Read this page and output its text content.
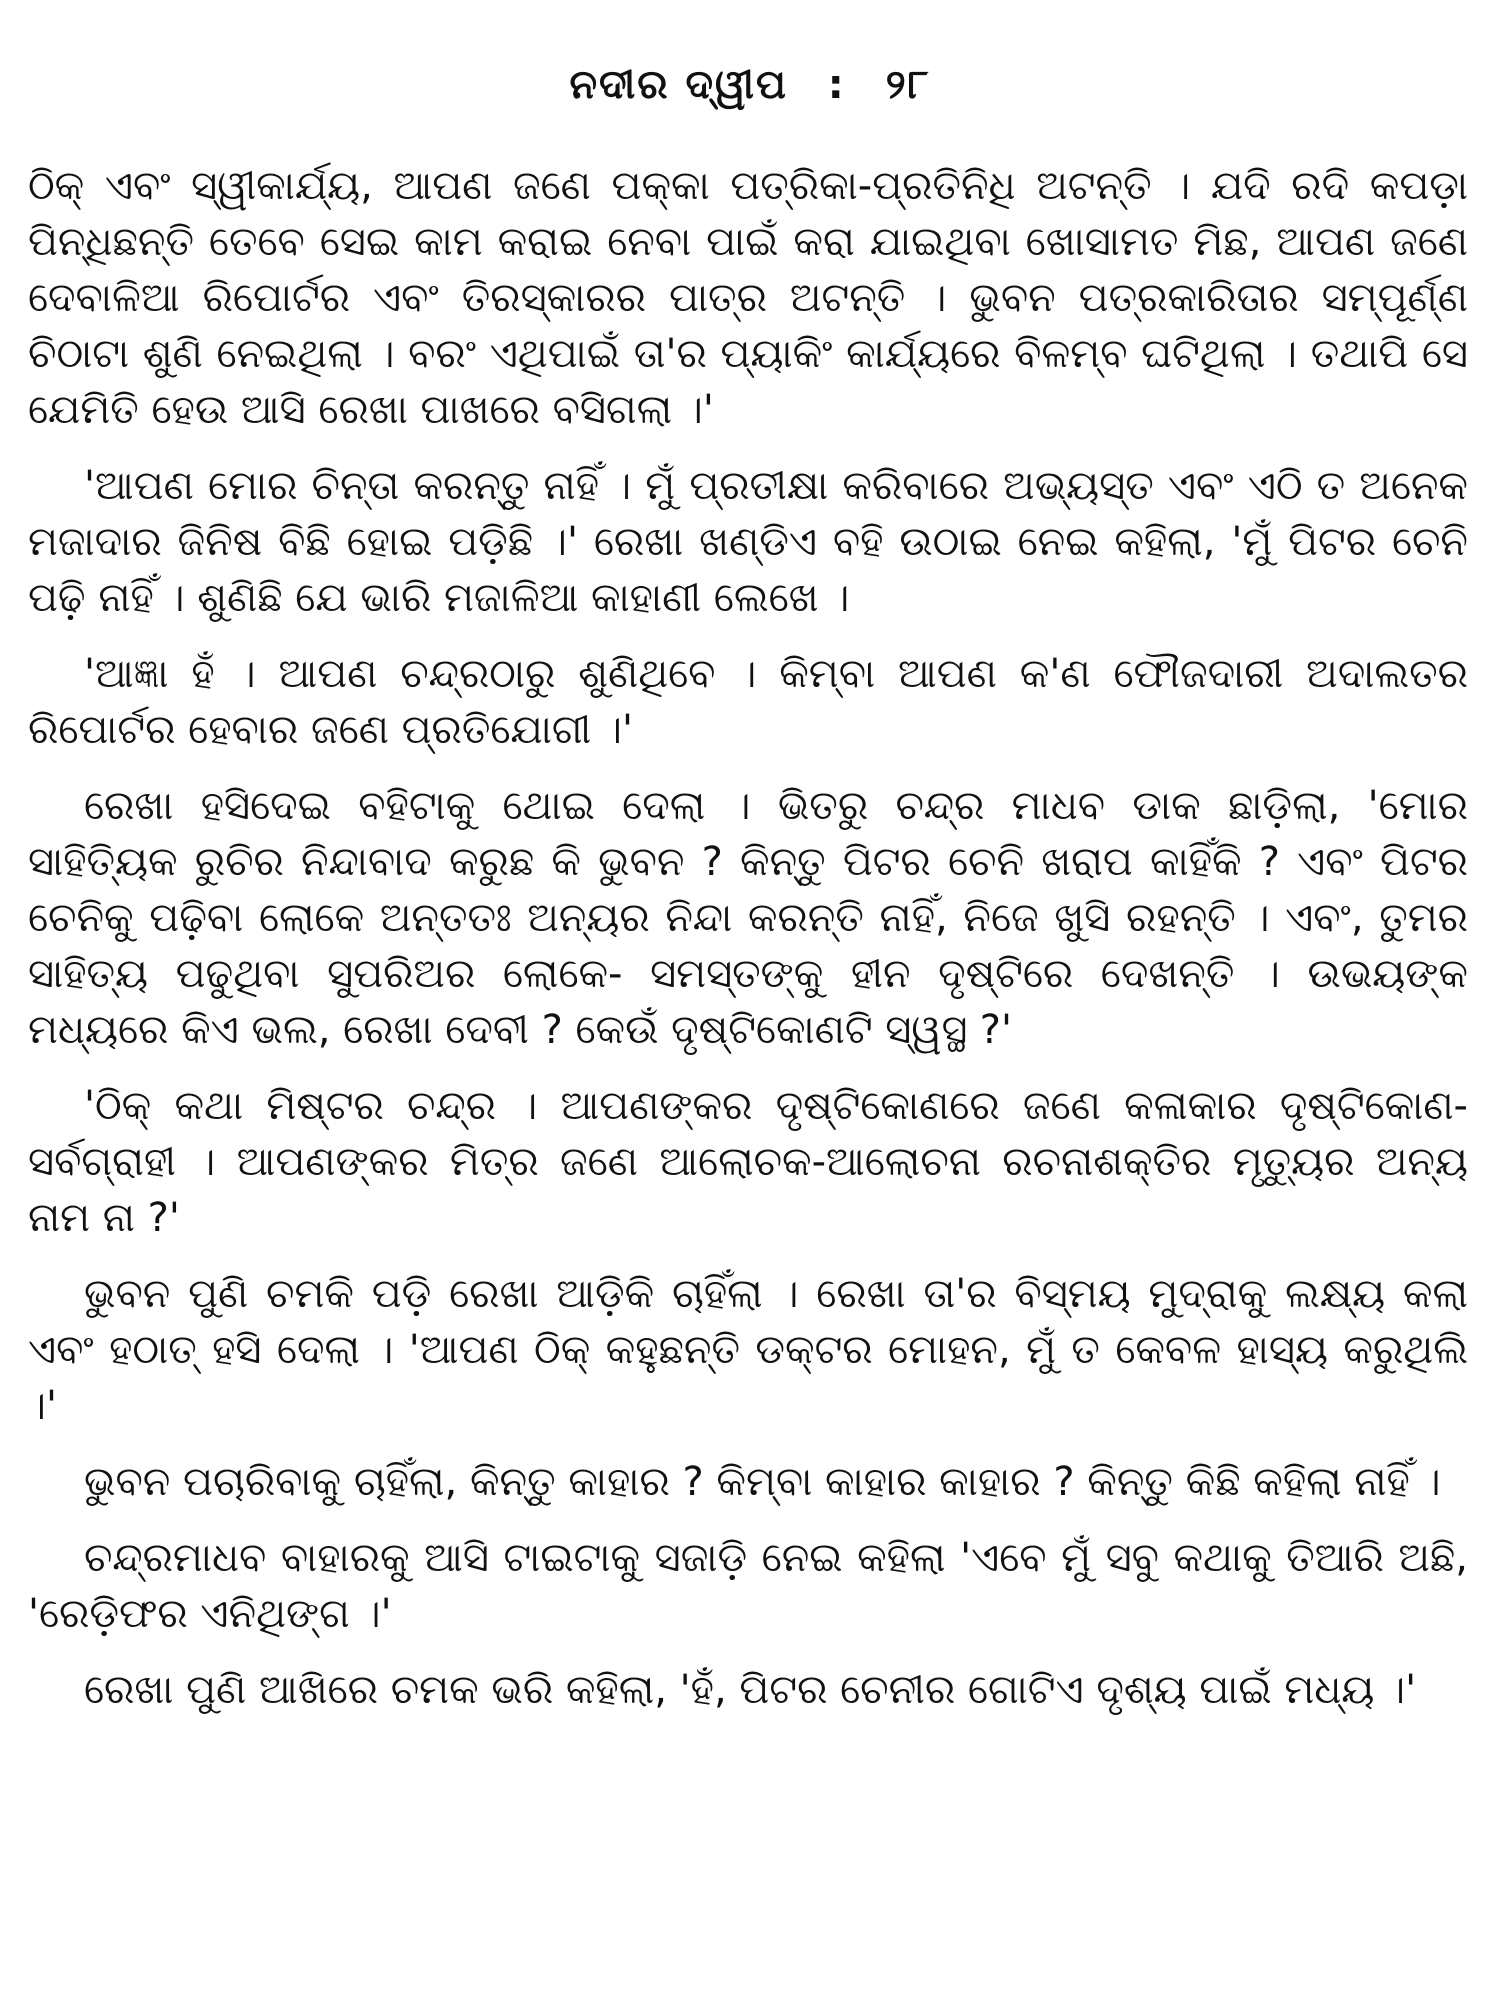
ନଦୀର ଦ୍ୱୀପ : ୨୮

ଠିକ୍ ଏବଂ ସ୍ୱୀକାର୍ଯ୍ୟ, ଆପଣ ଜଣେ ପକ୍କା ପତ୍ରିକା-ପ୍ରତିନିଧି ଅଟନ୍ତି । ଯଦି ରଦି କପଡ଼ା ପିନ୍ଧିଛନ୍ତି ତେବେ ସେଇ କାମ କରାଇ ନେବା ପାଇଁ କରା ଯାଇଥିବା ଖୋସାମତ ମିଛ, ଆପଣ ଜଣେ ଦେବାଳିଆ ରିପୋର୍ଟର ଏବଂ ତିରସ୍କାରର ପାତ୍ର ଅଟନ୍ତି । ଭୁବନ ପତ୍ରକାରିତାର ସମ୍ପୂର୍ଣ୍ଣ ଚିଠାଟା ଶୁଣି ନେଇଥିଲା । ବରଂ ଏଥିପାଇଁ ତା'ର ପ୍ୟାକିଂ କାର୍ଯ୍ୟରେ ବିଳମ୍ବ ଘଟିଥିଲା । ତଥାପି ସେ ଯେମିତି ହେଉ ଆସି ରେଖା ପାଖରେ ବସିଗଲା ।'

'ଆପଣ ମୋର ଚିନ୍ତା କରନ୍ତୁ ନାହିଁ । ମୁଁ ପ୍ରତୀକ୍ଷା କରିବାରେ ଅଭ୍ୟସ୍ତ ଏବଂ ଏଠି ତ ଅନେକ ମଜାଦାର ଜିନିଷ ବିଛି ହୋଇ ପଡ଼ିଛି ।' ରେଖା ଖଣ୍ଡିଏ ବହି ଉଠାଇ ନେଇ କହିଲା, 'ମୁଁ ପିଟର ଚେନି ପଢ଼ି ନାହିଁ । ଶୁଣିଛି ଯେ ଭାରି ମଜାଳିଆ କାହାଣୀ ଲେଖେ ।

'ଆଜ୍ଞା ହଁ । ଆପଣ ଚନ୍ଦ୍ରଠାରୁ ଶୁଣିଥିବେ । କିମ୍ବା ଆପଣ କ'ଣ ଫୌଜଦାରୀ ଅଦାଲତର ରିପୋର୍ଟର ହେବାର ଜଣେ ପ୍ରତିଯୋଗୀ ।'

ରେଖା ହସିଦେଇ ବହିଟାକୁ ଥୋଇ ଦେଲା । ଭିତରୁ ଚନ୍ଦ୍ର ମାଧବ ଡାକ ଛାଡ଼ିଲା, 'ମୋର ସାହିତ୍ୟିକ ରୁଚିର ନିନ୍ଦାବାଦ କରୁଛ କି ଭୁବନ ? କିନ୍ତୁ ପିଟର ଚେନି ଖରାପ କାହିଁକି ? ଏବଂ ପିଟର ଚେନିକୁ ପଢ଼ିବା ଲୋକେ ଅନ୍ତତଃ ଅନ୍ୟର ନିନ୍ଦା କରନ୍ତି ନାହିଁ, ନିଜେ ଖୁସି ରହନ୍ତି । ଏବଂ, ତୁମର ସାହିତ୍ୟ ପଢୁଥିବା ସୁପରିଅର ଲୋକେ- ସମସ୍ତଙ୍କୁ ହୀନ ଦୃଷ୍ଟିରେ ଦେଖନ୍ତି । ଉଭୟଙ୍କ ମଧ୍ୟରେ କିଏ ଭଲ, ରେଖା ଦେବୀ ? କେଉଁ ଦୃଷ୍ଟିକୋଣଟି ସ୍ୱସ୍ଥ ?'

'ଠିକ୍ କଥା ମିଷ୍ଟର ଚନ୍ଦ୍ର । ଆପଣଙ୍କର ଦୃଷ୍ଟିକୋଣରେ ଜଣେ କଳାକାର ଦୃଷ୍ଟିକୋଣ- ସର୍ବଗ୍ରାହୀ । ଆପଣଙ୍କର ମିତ୍ର ଜଣେ ଆଲୋଚକ-ଆଲୋଚନା ରଚନାଶକ୍ତିର ମୃତ୍ୟୁର ଅନ୍ୟ ନାମ ନା ?'

ଭୁବନ ପୁଣି ଚମକି ପଡ଼ି ରେଖା ଆଡ଼ିକି ଚାହିଁଲା । ରେଖା ତା'ର ବିସ୍ମୟ ମୁଦ୍ରାକୁ ଲକ୍ଷ୍ୟ କଲା ଏବଂ ହଠାତ୍ ହସି ଦେଲା । 'ଆପଣ ଠିକ୍ କହୁଛନ୍ତି ଡକ୍ଟର ମୋହନ, ମୁଁ ତ କେବଳ ହାସ୍ୟ କରୁଥିଲି ।'

ଭୁବନ ପଚାରିବାକୁ ଚାହିଁଲା, କିନ୍ତୁ କାହାର ? କିମ୍ବା କାହାର କାହାର ? କିନ୍ତୁ କିଛି କହିଲା ନାହିଁ ।

ଚନ୍ଦ୍ରମାଧବ ବାହାରକୁ ଆସି ଟାଇଟାକୁ ସଜାଡ଼ି ନେଇ କହିଲା 'ଏବେ ମୁଁ ସବୁ କଥାକୁ ତିଆରି ଅଛି, 'ରେଡ଼ିଫର ଏନିଥିଙ୍ଗ ।'

ରେଖା ପୁଣି ଆଖିରେ ଚମକ ଭରି କହିଲା, 'ହଁ, ପିଟର ଚେନୀର ଗୋଟିଏ ଦୃଶ୍ୟ ପାଇଁ ମଧ୍ୟ ।'
